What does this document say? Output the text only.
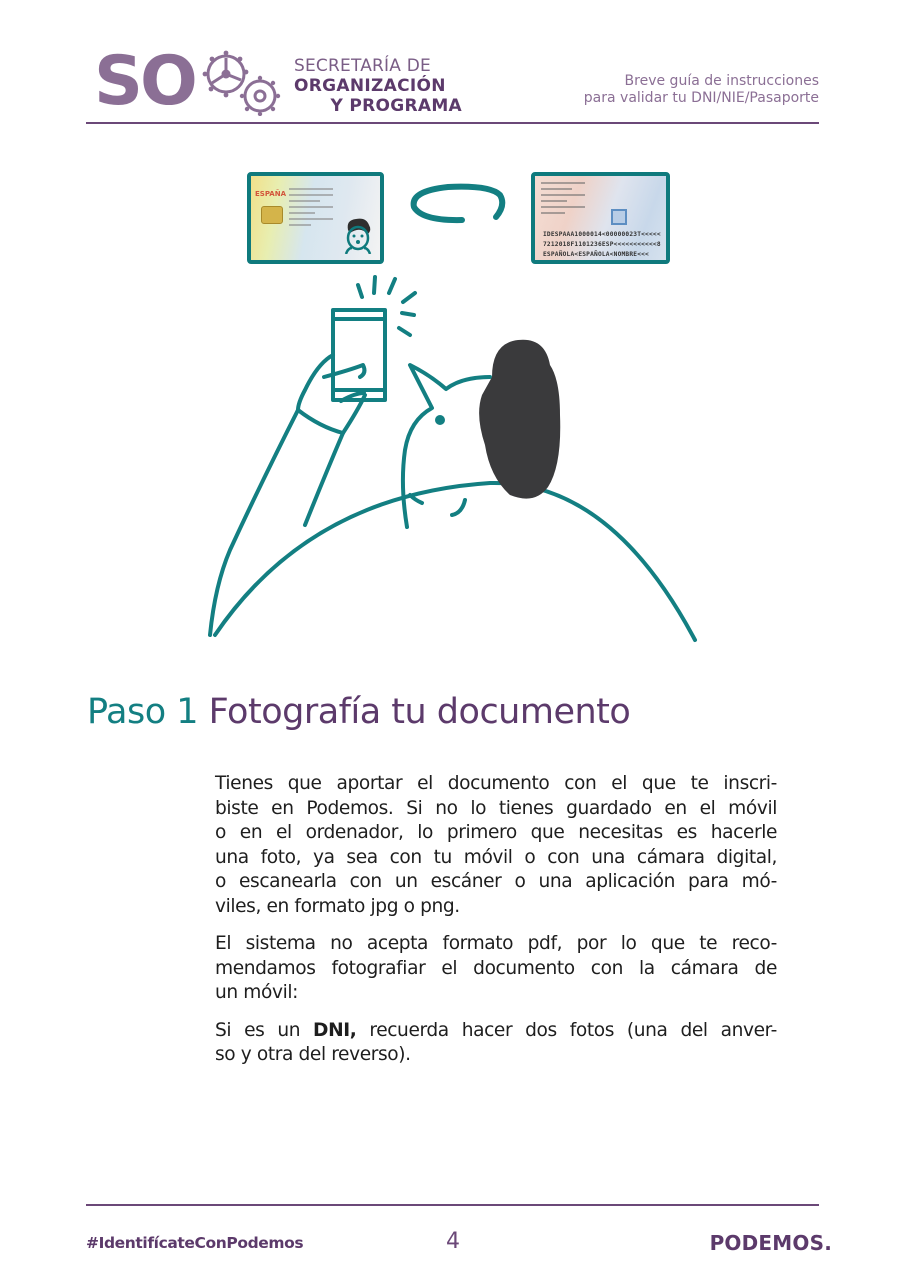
SO	SECRETARÍA DE
ORGANIZACIÓN
Y PROGRAMA
Breve guía de instrucciones
para validar tu DNI/NIE/Pasaporte
ESPAÑA
IDESPAAA1000014<00000023T<<<<<
7212018F1101236ESP<<<<<<<<<<<8
ESPAÑOLA<ESPAÑOLA<NOMBRE<<<
Paso 1 Fotografía tu documento

Tienes que aportar el documento con el que te inscri-
biste en Podemos. Si no lo tienes guardado en el móvil
o en el ordenador, lo primero que necesitas es hacerle
una foto, ya sea con tu móvil o con una cámara digital,
o escanearla con un escáner o una aplicación para mó-
viles, en formato jpg o png.

El sistema no acepta formato pdf, por lo que te reco-
mendamos fotografiar el documento con la cámara de
un móvil:

Si es un DNI, recuerda hacer dos fotos (una del anver-
so y otra del reverso).

#IdentifícateConPodemos	4	PODEMOS.
